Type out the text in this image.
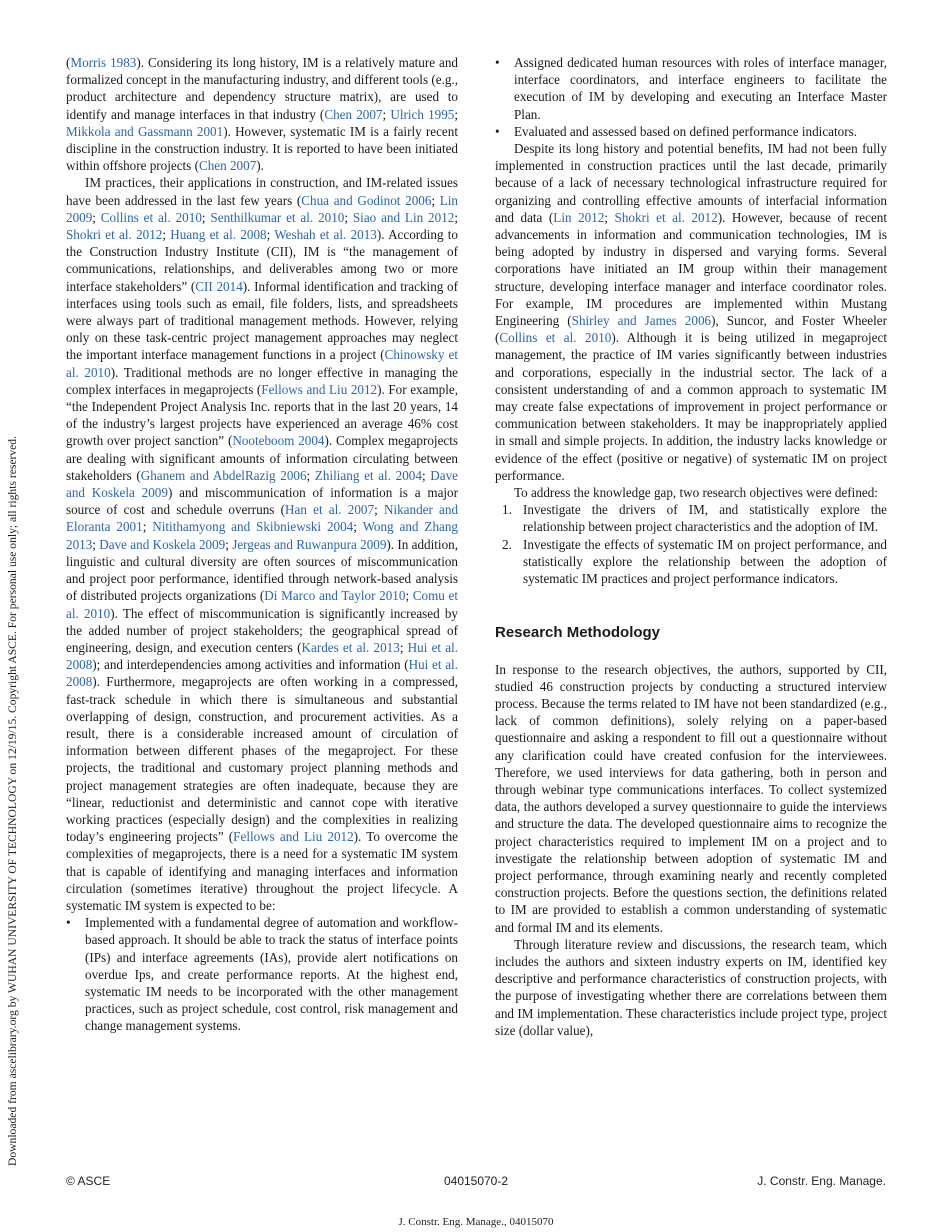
Downloaded from ascelibrary.org by WUHAN UNIVERSITY OF TECHNOLOGY on 12/19/15. Copyright ASCE. For personal use only; all rights reserved.

(Morris 1983). Considering its long history, IM is a relatively mature and formalized concept in the manufacturing industry, and different tools (e.g., product architecture and dependency structure matrix), are used to identify and manage interfaces in that industry (Chen 2007; Ulrich 1995; Mikkola and Gassmann 2001). However, systematic IM is a fairly recent discipline in the construction industry. It is reported to have been initiated within offshore projects (Chen 2007).

IM practices, their applications in construction, and IM-related issues have been addressed in the last few years (Chua and Godinot 2006; Lin 2009; Collins et al. 2010; Senthilkumar et al. 2010; Siao and Lin 2012; Shokri et al. 2012; Huang et al. 2008; Weshah et al. 2013). According to the Construction Industry Institute (CII), IM is “the management of communications, relationships, and deliverables among two or more interface stakeholders” (CII 2014). Informal identification and tracking of interfaces using tools such as email, file folders, lists, and spreadsheets were always part of traditional management methods. However, relying only on these task-centric project management approaches may neglect the important interface management functions in a project (Chinowsky et al. 2010). Traditional methods are no longer effective in managing the complex interfaces in megaprojects (Fellows and Liu 2012). For example, “the Independent Project Analysis Inc. reports that in the last 20 years, 14 of the industry’s largest projects have experienced an average 46% cost growth over project sanction” (Nooteboom 2004). Complex megaprojects are dealing with significant amounts of information circulating between stakeholders (Ghanem and AbdelRazig 2006; Zhiliang et al. 2004; Dave and Koskela 2009) and miscommunication of information is a major source of cost and schedule overruns (Han et al. 2007; Nikander and Eloranta 2001; Nitithamyong and Skibniewski 2004; Wong and Zhang 2013; Dave and Koskela 2009; Jergeas and Ruwanpura 2009). In addition, linguistic and cultural diversity are often sources of miscommunication and project poor performance, identified through network-based analysis of distributed projects organizations (Di Marco and Taylor 2010; Comu et al. 2010). The effect of miscommunication is significantly increased by the added number of project stakeholders; the geographical spread of engineering, design, and execution centers (Kardes et al. 2013; Hui et al. 2008); and interdependencies among activities and information (Hui et al. 2008). Furthermore, megaprojects are often working in a compressed, fast-track schedule in which there is simultaneous and substantial overlapping of design, construction, and procurement activities. As a result, there is a considerable increased amount of circulation of information between different phases of the megaproject. For these projects, the traditional and customary project planning methods and project management strategies are often inadequate, because they are “linear, reductionist and deterministic and cannot cope with iterative working practices (especially design) and the complexities in realizing today’s engineering projects” (Fellows and Liu 2012). To overcome the complexities of megaprojects, there is a need for a systematic IM system that is capable of identifying and managing interfaces and information circulation (sometimes iterative) throughout the project lifecycle. A systematic IM system is expected to be:

• Implemented with a fundamental degree of automation and workflow-based approach. It should be able to track the status of interface points (IPs) and interface agreements (IAs), provide alert notifications on overdue Ips, and create performance reports. At the highest end, systematic IM needs to be incorporated with the other management practices, such as project schedule, cost control, risk management and change management systems.

• Assigned dedicated human resources with roles of interface manager, interface coordinators, and interface engineers to facilitate the execution of IM by developing and executing an Interface Master Plan.

• Evaluated and assessed based on defined performance indicators.

Despite its long history and potential benefits, IM had not been fully implemented in construction practices until the last decade, primarily because of a lack of necessary technological infrastructure required for organizing and controlling effective amounts of interfacial information and data (Lin 2012; Shokri et al. 2012). However, because of recent advancements in information and communication technologies, IM is being adopted by industry in dispersed and varying forms. Several corporations have initiated an IM group within their management structure, developing interface manager and interface coordinator roles. For example, IM procedures are implemented within Mustang Engineering (Shirley and James 2006), Suncor, and Foster Wheeler (Collins et al. 2010). Although it is being utilized in megaproject management, the practice of IM varies significantly between industries and corporations, especially in the industrial sector. The lack of a consistent understanding of and a common approach to systematic IM may create false expectations of improvement in project performance or communication between stakeholders. It may be inappropriately applied in small and simple projects. In addition, the industry lacks knowledge or evidence of the effect (positive or negative) of systematic IM on project performance.

To address the knowledge gap, two research objectives were defined:

1. Investigate the drivers of IM, and statistically explore the relationship between project characteristics and the adoption of IM.

2. Investigate the effects of systematic IM on project performance, and statistically explore the relationship between the adoption of systematic IM practices and project performance indicators.

Research Methodology

In response to the research objectives, the authors, supported by CII, studied 46 construction projects by conducting a structured interview process. Because the terms related to IM have not been standardized (e.g., lack of common definitions), solely relying on a paper-based questionnaire and asking a respondent to fill out a questionnaire without any clarification could have created confusion for the interviewees. Therefore, we used interviews for data gathering, both in person and through webinar type communications interfaces. To collect systemized data, the authors developed a survey questionnaire to guide the interviews and structure the data. The developed questionnaire aims to recognize the project characteristics required to implement IM on a project and to investigate the relationship between adoption of systematic IM and project performance, through examining nearly and recently completed construction projects. Before the questions section, the definitions related to IM are provided to establish a common understanding of systematic and formal IM and its elements.

Through literature review and discussions, the research team, which includes the authors and sixteen industry experts on IM, identified key descriptive and performance characteristics of construction projects, with the purpose of investigating whether there are correlations between them and IM implementation. These characteristics include project type, project size (dollar value),

© ASCE	04015070-2	J. Constr. Eng. Manage.
J. Constr. Eng. Manage., 04015070
